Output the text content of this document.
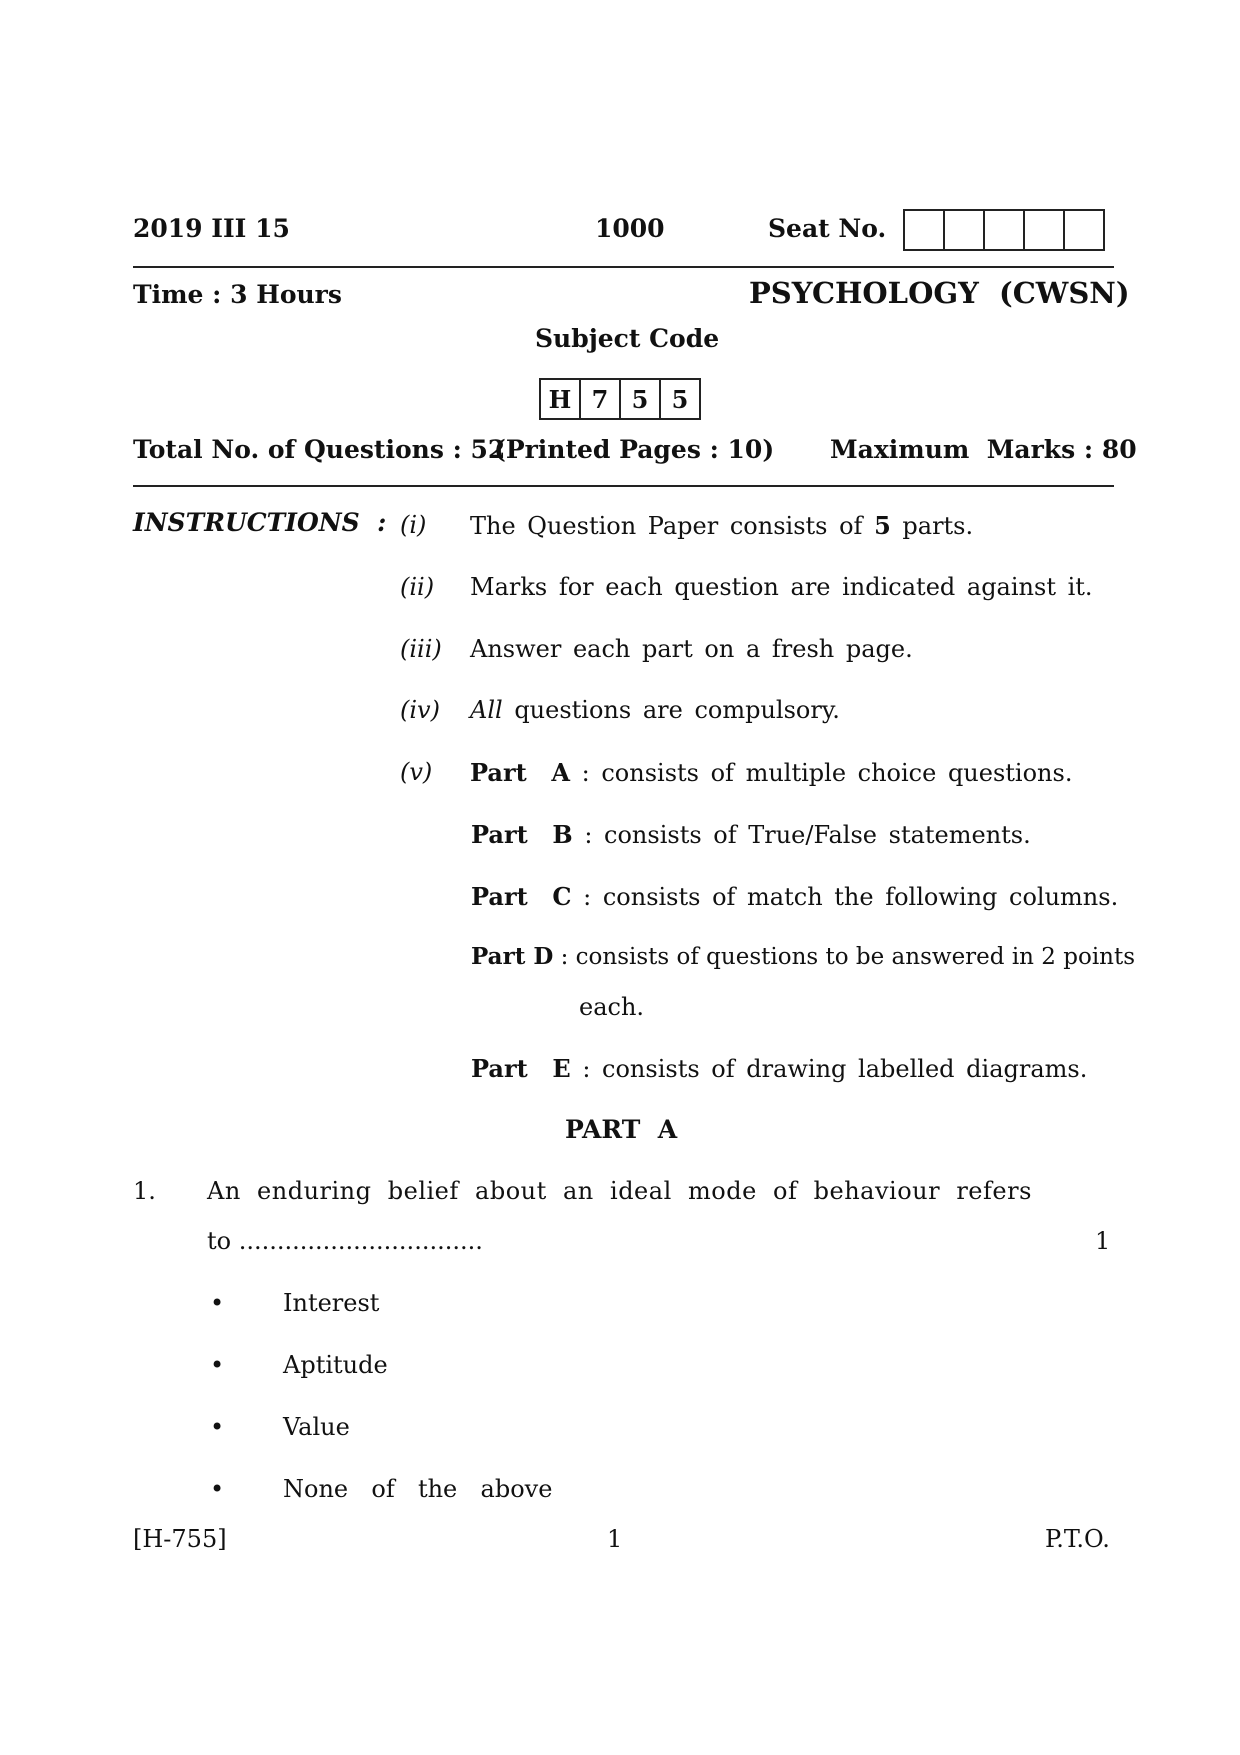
2019 III 15	1000	Seat No.
Time : 3 Hours	PSYCHOLOGY  (CWSN)
Subject Code
H 7 5 5
Total No. of Questions : 52
(Printed Pages : 10) Maximum  Marks : 80
INSTRUCTIONS  : (i) The Question Paper consists of 5 parts.
(ii) Marks for each question are indicated against it.
(iii) Answer each part on a fresh page.
(iv) All questions are compulsory.
(v) Part  A : consists of multiple choice questions.
Part  B : consists of True/False statements.
Part  C : consists of match the following columns.
Part D : consists of questions to be answered in 2 points
each.
Part  E : consists of drawing labelled diagrams.
PART  A
1. An  enduring  belief  about  an  ideal  mode  of  behaviour  refers
to ................................	1
• Interest
• Aptitude
• Value
• None  of  the  above
[H-755]	1	P.T.O.
